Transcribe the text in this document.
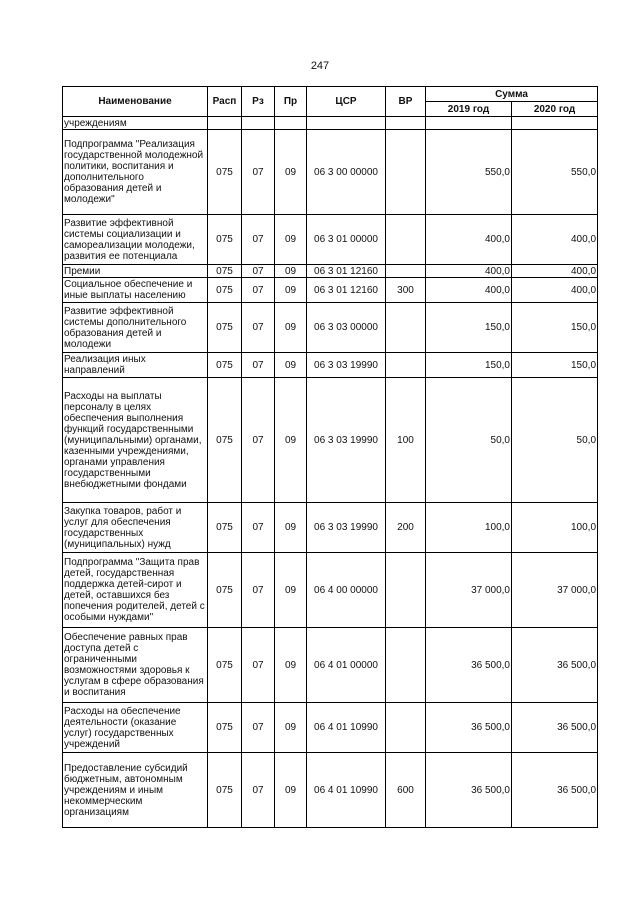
247
Наименование	Расп	Рз	Пр	ЦСР	ВР	Сумма	
						2019 год	2020 год
учреждениям							
Подпрограмма "Реализация государственной молодежной политики, воспитания и дополнительного образования детей и молодежи"	075	07	09	06 3 00 00000		550,0	550,0
Развитие эффективной системы социализации и самореализации молодежи, развития ее потенциала	075	07	09	06 3 01 00000		400,0	400,0
Премии	075	07	09	06 3 01 12160		400,0	400,0
Социальное обеспечение и иные выплаты населению	075	07	09	06 3 01 12160	300	400,0	400,0
Развитие эффективной системы дополнительного образования детей и молодежи	075	07	09	06 3 03 00000		150,0	150,0
Реализация иных направлений	075	07	09	06 3 03 19990		150,0	150,0
Расходы на выплаты персоналу в целях обеспечения выполнения функций государственными (муниципальными) органами, казенными учреждениями, органами управления государственными внебюджетными фондами	075	07	09	06 3 03 19990	100	50,0	50,0
Закупка товаров, работ и услуг для обеспечения государственных (муниципальных) нужд	075	07	09	06 3 03 19990	200	100,0	100,0
Подпрограмма "Защита прав детей, государственная поддержка детей-сирот и детей, оставшихся без попечения родителей, детей с особыми нуждами"	075	07	09	06 4 00 00000		37 000,0	37 000,0
Обеспечение равных прав доступа детей с ограниченными возможностями здоровья к услугам в сфере образования и воспитания	075	07	09	06 4 01 00000		36 500,0	36 500,0
Расходы на обеспечение деятельности (оказание услуг) государственных учреждений	075	07	09	06 4 01 10990		36 500,0	36 500,0
Предоставление субсидий бюджетным, автономным учреждениям и иным некоммерческим организациям	075	07	09	06 4 01 10990	600	36 500,0	36 500,0
